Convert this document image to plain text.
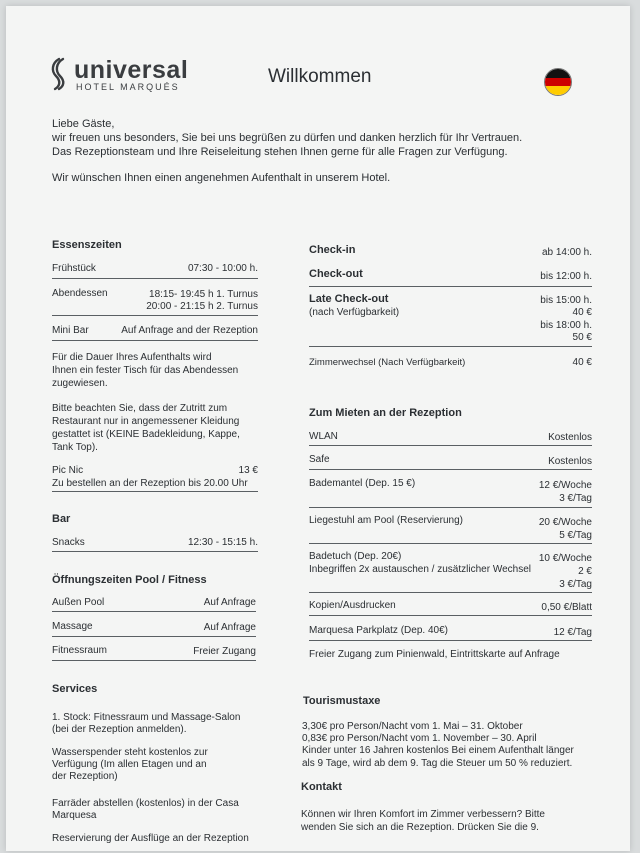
universal
HOTEL MARQUÉS	Willkommen
Liebe Gäste,
wir freuen uns besonders, Sie bei uns begrüßen zu dürfen und danken herzlich für Ihr Vertrauen.
Das Rezeptionsteam und Ihre Reiseleitung stehen Ihnen gerne für alle Fragen zur Verfügung.
Wir wünschen Ihnen einen angenehmen Aufenthalt in unserem Hotel.
Essenszeiten
Frühstück	07:30 - 10:00 h.
Abendessen	18:15- 19:45 h 1. Turnus
20:00 - 21:15 h 2. Turnus
Mini Bar	Auf Anfrage and der Rezeption
Für die Dauer Ihres Aufenthalts wird
Ihnen ein fester Tisch für das Abendessen
zugewiesen.
Bitte beachten Sie, dass der Zutritt zum
Restaurant nur in angemessener Kleidung
gestattet ist (KEINE Badekleidung, Kappe,
Tank Top).
Pic Nic	13 €
Zu bestellen an der Rezeption bis 20.00 Uhr
Bar
Snacks	12:30 - 15:15 h.
Öffnungszeiten Pool / Fitness
Außen Pool	Auf Anfrage
Massage	Auf Anfrage
Fitnessraum	Freier Zugang
Services
1. Stock: Fitnessraum und Massage-Salon
(bei der Rezeption anmelden).
Wasserspender steht kostenlos zur
Verfügung (Im allen Etagen und an
der Rezeption)
Farräder abstellen (kostenlos) in der Casa
Marquesa
Reservierung der Ausflüge an der Rezeption
Check-in	ab 14:00 h.
Check-out	bis 12:00 h.
Late Check-out
(nach Verfügbarkeit)
bis 15:00 h.
40 €
bis 18:00 h.
50 €
Zimmerwechsel (Nach Verfügbarkeit)	40 €
Zum Mieten an der Rezeption
WLAN	Kostenlos
Safe	Kostenlos
Bademantel (Dep. 15 €)	12 €/Woche
3 €/Tag
Liegestuhl am Pool (Reservierung)	20 €/Woche
5 €/Tag
Badetuch (Dep. 20€)	10 €/Woche
Inbegriffen 2x austauschen / zusätzlicher Wechsel	2 €
3 €/Tag
Kopien/Ausdrucken	0,50 €/Blatt
Marquesa Parkplatz (Dep. 40€)	12 €/Tag
Freier Zugang zum Pinienwald, Eintrittskarte auf Anfrage
Tourismustaxe
3,30€ pro Person/Nacht vom 1. Mai – 31. Oktober
0,83€ pro Person/Nacht vom 1. November – 30. April
Kinder unter 16 Jahren kostenlos Bei einem Aufenthalt länger
als 9 Tage, wird ab dem 9. Tag die Steuer um 50 % reduziert.
Kontakt
Können wir Ihren Komfort im Zimmer verbessern? Bitte
wenden Sie sich an die Rezeption. Drücken Sie die 9.
